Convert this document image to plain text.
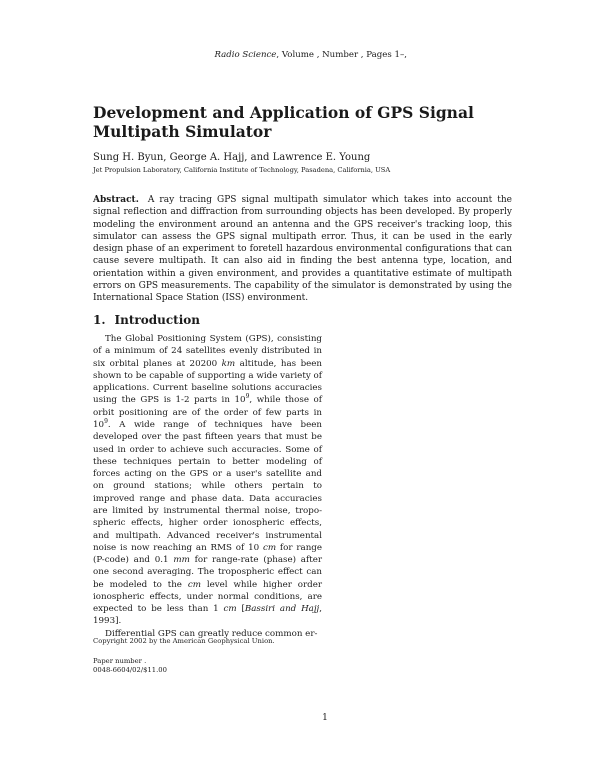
Radio Science, Volume , Number , Pages 1–,
Development and Application of GPS Signal Multipath Simulator
Sung H. Byun, George A. Hajj, and Lawrence E. Young
Jet Propulsion Laboratory, California Institute of Technology, Pasadena, California, USA
Abstract. A ray tracing GPS signal multipath simulator which takes into account the signal reflection and diffraction from surrounding objects has been developed. By properly modeling the environment around an antenna and the GPS receiver's tracking loop, this simulator can assess the GPS signal multipath error. Thus, it can be used in the early design phase of an experiment to foretell hazardous environmental configurations that can cause severe multipath. It can also aid in finding the best antenna type, location, and orientation within a given environment, and provides a quantitative estimate of multipath errors on GPS measurements. The capability of the simulator is demonstrated by using the International Space Station (ISS) environment.
1. Introduction

The Global Positioning System (GPS), consisting of a minimum of 24 satellites evenly distributed in six orbital planes at 20200 km altitude, has been shown to be capable of supporting a wide variety of applications. Current baseline solutions accuracies using the GPS is 1-2 parts in $10^9$, while those of orbit positioning are of the order of few parts in $10^9$. A wide range of techniques have been developed over the past fifteen years that must be used in order to achieve such accuracies. Some of these techniques pertain to better modeling of forces acting on the GPS or a user's satellite and on ground stations; while others pertain to improved range and phase data. Data accuracies are limited by instrumental thermal noise, tropospheric effects, higher order ionospheric effects, and multipath. Advanced receiver's instrumental noise is now reaching an RMS of 10 cm for range (P-code) and 0.1 mm for range-rate (phase) after one second averaging. The tropospheric effect can be modeled to the cm level while higher order ionospheric effects, under normal conditions, are expected to be less than 1 cm [Bassiri and Hajj, 1993].

Differential GPS can greatly reduce common er-

Copyright 2002 by the American Geophysical Union.
Paper number .
0048-6604/02/$11.00
1
